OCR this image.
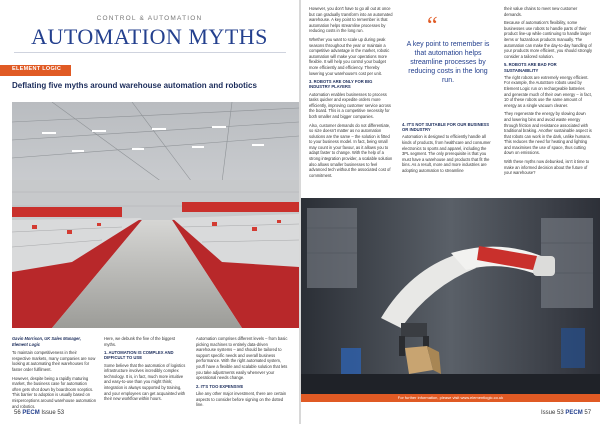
CONTROL & AUTOMATION
AUTOMATION MYTHS
ELEMENT LOGIC
Deflating five myths around warehouse automation and robotics

Gavin Morrison, UK Sales Manager, Element Logic

To maintain competitiveness in their respective markets, many companies are now looking at automating their warehouses for faster order fulfilment.

However, despite being a rapidly maturing market, the business case for automation often gets shot down by boardroom sceptics. This barrier to adoption is usually based on misperceptions around warehouse automation and robotics.

Here, we debunk the five of the biggest myths.

1. AUTOMATION IS COMPLEX AND DIFFICULT TO USE

Some believe that the automation of logistics infrastructure involves incredibly complex technology. It is, in fact, much more intuitive and easy-to-use than you might think; integration is always supported by training, and your employees can get acquainted with their new workflow within hours.

Automation comprises different levels – from basic picking machines to entirely data-driven warehouse systems – and should be tailored to support specific needs and overall business performance. With the right automated system, you'll have a flexible and scalable solution that lets you take adjustments easily whenever your operational needs change.

2. IT'S TOO EXPENSIVE

Like any other major investment, there are certain aspects to consider before signing on the dotted line.

56 PECM Issue 53

However, you don't have to go all out at once but can gradually transform into an automated warehouse. A key point to remember is that automation helps streamline processes by reducing costs in the long run.

Whether you want to scale up during peak seasons throughout the year or maintain a competitive advantage in the market, robotic automation will make your operations more flexible. It will help you control your budget more efficiently and efficiency. Thereby lowering your warehouse's cost per unit.

3. ROBOTS ARE ONLY FOR BIG INDUSTRY PLAYERS

Automation enables businesses to process tasks quicker and expedite orders more efficiently, improving customer service across the board. This is a competitive necessity for both smaller and bigger companies.

Also, customer demands do not differentiate, so size doesn't matter as no automation solutions are the same – the solution is fitted to your business model. In fact, being small may count in your favour, as it allows you to adapt faster to change. With the help of a strong integration provider, a scalable solution also allows smaller businesses to feel advanced tech without the associated cost of commitment.

“
A key point to remember is that automation helps streamline processes by reducing costs in the long run.
4. IT'S NOT SUITABLE FOR OUR BUSINESS OR INDUSTRY

Automation is designed to efficiently handle all kinds of products, from healthcare and consumer electronics to sports and apparel, including the 3PL segment. The only prerequisite is that you must have a warehouse and products that fit the bins. As a result, more and more industries are adopting automation to streamline

their value chains to meet new customer demands.

Because of automation's flexibility, some businesses use robots to handle parts of their product line-up while continuing to handle larger items or hazardous products manually. The automation can make the day-to-day handling of your products more efficient, you should strongly consider a tailored solution.

5. ROBOTS ARE BAD FOR SUSTAINABILITY

The right robots are extremely energy efficient. For example, the AutoStore robots used by Element Logic run on rechargeable batteries and generate much of their own energy – in fact, 10 of these robots use the same amount of energy as a single vacuum cleaner.

They regenerate the energy by slowing down and lowering bins and avoid waste energy through friction and resistance associated with traditional braking. Another sustainable aspect is that robots can work in the dark, unlike humans. This reduces the need for heating and lighting and maximises the use of space, thus cutting down on emissions.

With these myths now debunked, isn't it time to make an informed decision about the future of your warehouse?

For further information, please visit www.elementlogic.co.uk
Issue 53 PECM 57
